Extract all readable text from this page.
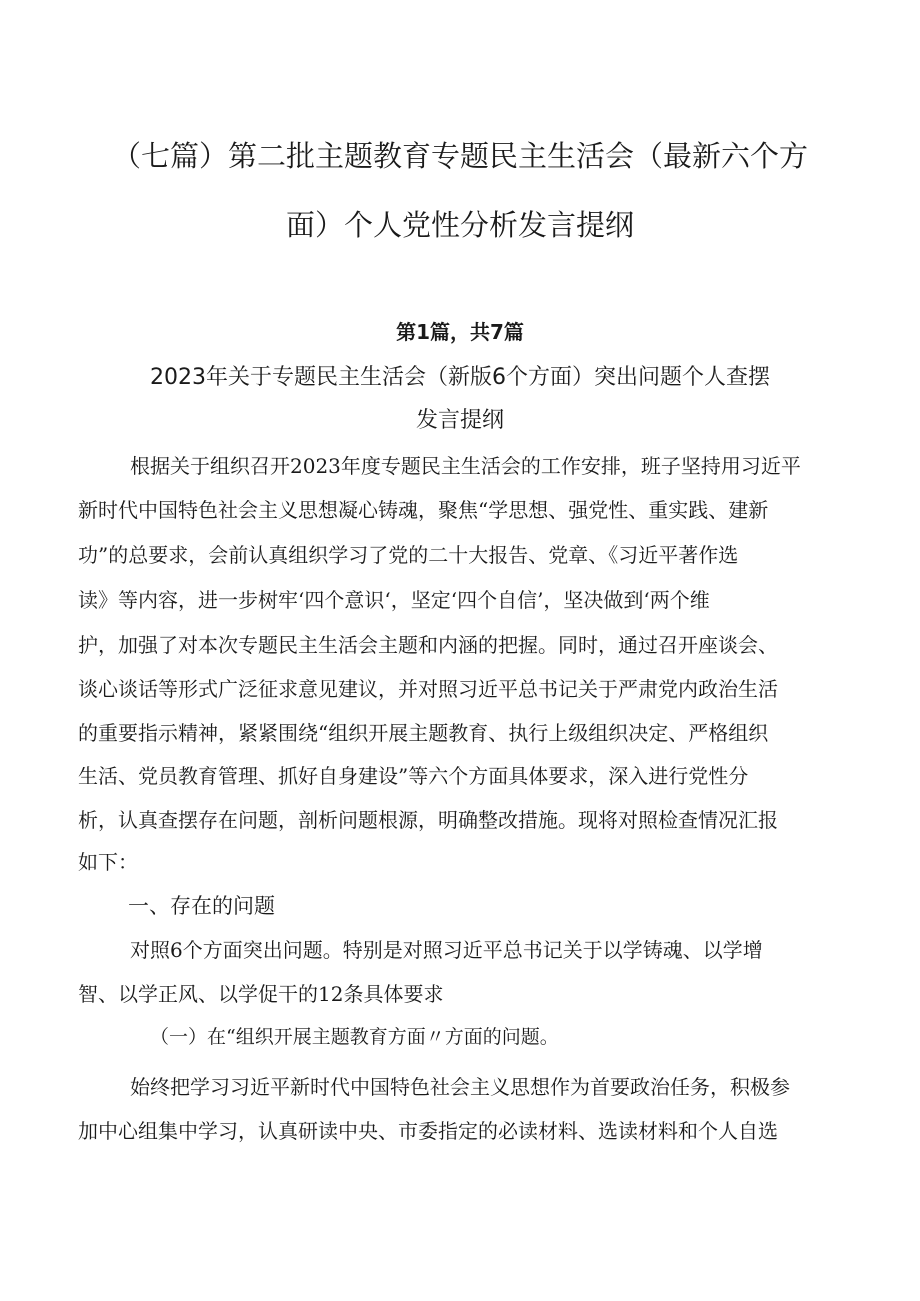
（七篇）第二批主题教育专题民主生活会（最新六个方
面）个人党性分析发言提纲
第1篇，共7篇
2023年关于专题民主生活会（新版6个方面）突出问题个人查摆
发言提纲
根据关于组织召开2023年度专题民主生活会的工作安排，班子坚持用习近平
新时代中国特色社会主义思想凝心铸魂，聚焦“学思想、强党性、重实践、建新
功”的总要求，会前认真组织学习了党的二十大报告、党章、《习近平著作选
读》等内容，进一步树牢‘四个意识‘，坚定‘四个自信’，坚决做到‘两个维
护，加强了对本次专题民主生活会主题和内涵的把握。同时，通过召开座谈会、
谈心谈话等形式广泛征求意见建议，并对照习近平总书记关于严肃党内政治生活
的重要指示精神，紧紧围绕“组织开展主题教育、执行上级组织决定、严格组织
生活、党员教育管理、抓好自身建设”等六个方面具体要求，深入进行党性分
析，认真查摆存在问题，剖析问题根源，明确整改措施。现将对照检查情况汇报
如下：
一、存在的问题
对照6个方面突出问题。特别是对照习近平总书记关于以学铸魂、以学增
智、以学正风、以学促干的12条具体要求
（一）在“组织开展主题教育方面〃方面的问题。
始终把学习习近平新时代中国特色社会主义思想作为首要政治任务，积极参
加中心组集中学习，认真研读中央、市委指定的必读材料、选读材料和个人自选
